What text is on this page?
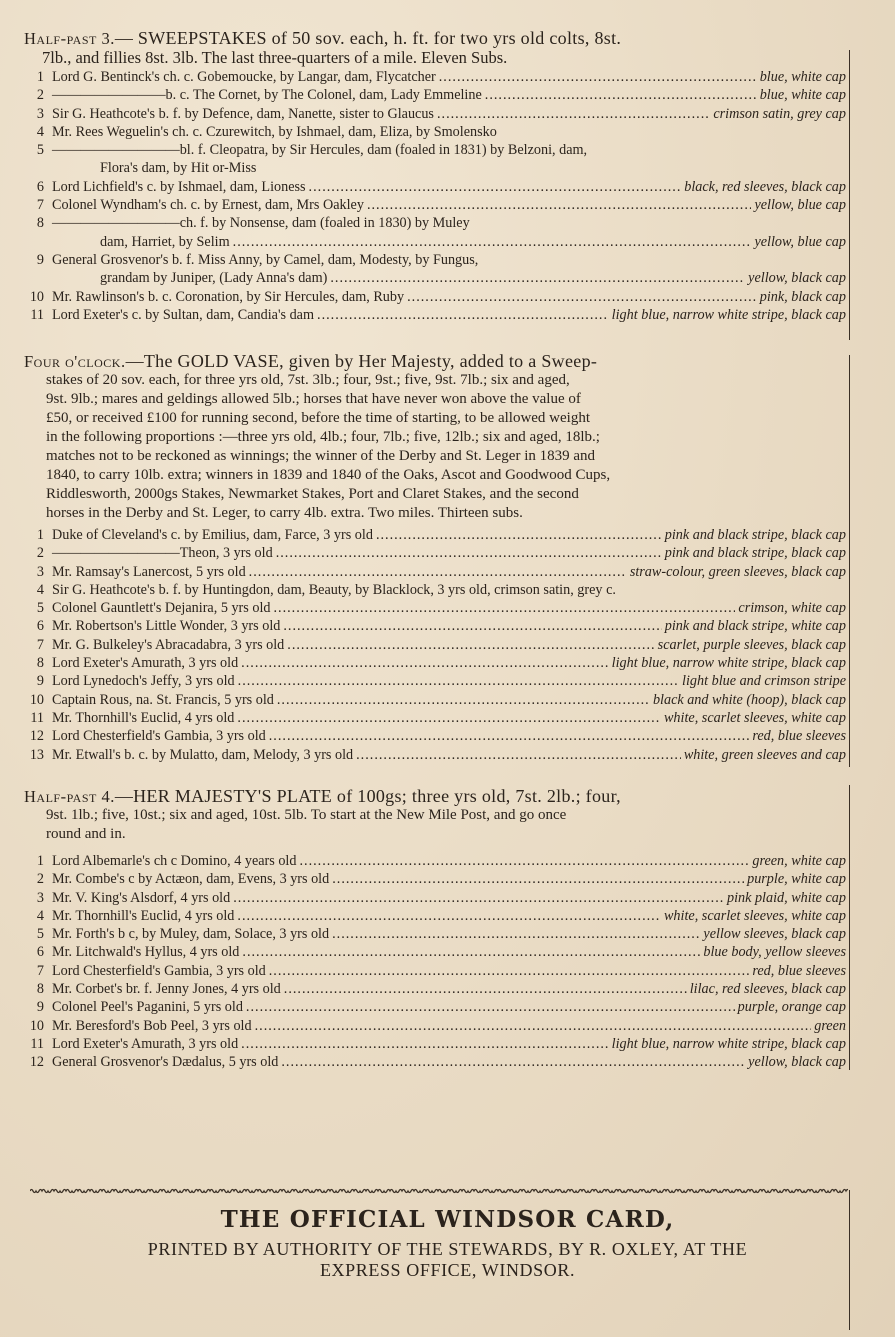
Half-past 3.— SWEEPSTAKES of 50 sov. each, h. ft. for two yrs old colts, 8st.
7lb., and fillies 8st. 3lb. The last three-quarters of a mile. Eleven Subs.
1 Lord G. Bentinck's ch. c. Gobemoucke, by Langar, dam, Flycatcher .....	blue, white cap
2 ————————b. c. The Cornet, by The Colonel, dam, Lady Emmeline .....	blue, white cap
3 Sir G. Heathcote's b. f. by Defence, dam, Nanette, sister to Glaucus .....	crimson satin, grey cap
4 Mr. Rees Weguelin's ch. c. Czurewitch, by Ishmael, dam, Eliza, by Smolensko
5 —————————bl. f. Cleopatra, by Sir Hercules, dam (foaled in 1831) by Belzoni, dam,
Flora's dam, by Hit or-Miss
6 Lord Lichfield's c. by Ishmael, dam, Lioness .....	black, red sleeves, black cap
7 Colonel Wyndham's ch. c. by Ernest, dam, Mrs Oakley .....	yellow, blue cap
8 —————————ch. f. by Nonsense, dam (foaled in 1830) by Muley
dam, Harriet, by Selim .....	yellow, blue cap
9 General Grosvenor's b. f. Miss Anny, by Camel, dam, Modesty, by Fungus,
grandam by Juniper, (Lady Anna's dam) .....	yellow, black cap
10 Mr. Rawlinson's b. c. Coronation, by Sir Hercules, dam, Ruby .....	pink, black cap
11 Lord Exeter's c. by Sultan, dam, Candia's dam .....	light blue, narrow white stripe, black cap
Four o'clock.—The GOLD VASE, given by Her Majesty, added to a Sweep-
stakes of 20 sov. each, for three yrs old, 7st. 3lb.; four, 9st.; five, 9st. 7lb.; six and aged,
9st. 9lb.; mares and geldings allowed 5lb.; horses that have never won above the value of
£50, or received £100 for running second, before the time of starting, to be allowed weight
in the following proportions :—three yrs old, 4lb.; four, 7lb.; five, 12lb.; six and aged, 18lb.;
matches not to be reckoned as winnings; the winner of the Derby and St. Leger in 1839 and
1840, to carry 10lb. extra; winners in 1839 and 1840 of the Oaks, Ascot and Goodwood Cups,
Riddlesworth, 2000gs Stakes, Newmarket Stakes, Port and Claret Stakes, and the second
horses in the Derby and St. Leger, to carry 4lb. extra. Two miles. Thirteen subs.
1 Duke of Cleveland's c. by Emilius, dam, Farce, 3 yrs old .....	pink and black stripe, black cap
2 —————————Theon, 3 yrs old .....	pink and black stripe, black cap
3 Mr. Ramsay's Lanercost, 5 yrs old .....	straw-colour, green sleeves, black cap
4 Sir G. Heathcote's b. f. by Huntingdon, dam, Beauty, by Blacklock, 3 yrs old, crimson satin, grey c.
5 Colonel Gauntlett's Dejanira, 5 yrs old .....	crimson, white cap
6 Mr. Robertson's Little Wonder, 3 yrs old .....	pink and black stripe, white cap
7 Mr. G. Bulkeley's Abracadabra, 3 yrs old .....	scarlet, purple sleeves, black cap
8 Lord Exeter's Amurath, 3 yrs old .....	light blue, narrow white stripe, black cap
9 Lord Lynedoch's Jeffy, 3 yrs old .....	light blue and crimson stripe
10 Captain Rous, na. St. Francis, 5 yrs old .....	black and white (hoop), black cap
11 Mr. Thornhill's Euclid, 4 yrs old .....	white, scarlet sleeves, white cap
12 Lord Chesterfield's Gambia, 3 yrs old .....	red, blue sleeves
13 Mr. Etwall's b. c. by Mulatto, dam, Melody, 3 yrs old .....	white, green sleeves and cap
Half-past 4.—HER MAJESTY'S PLATE of 100gs; three yrs old, 7st. 2lb.; four,
9st. 1lb.; five, 10st.; six and aged, 10st. 5lb. To start at the New Mile Post, and go once
round and in.
1 Lord Albemarle's ch c Domino, 4 years old .....	green, white cap
2 Mr. Combe's c by Actæon, dam, Evens, 3 yrs old .....	purple, white cap
3 Mr. V. King's Alsdorf, 4 yrs old .....	pink plaid, white cap
4 Mr. Thornhill's Euclid, 4 yrs old .....	white, scarlet sleeves, white cap
5 Mr. Forth's b c, by Muley, dam, Solace, 3 yrs old .....	yellow sleeves, black cap
6 Mr. Litchwald's Hyllus, 4 yrs old .....	blue body, yellow sleeves
7 Lord Chesterfield's Gambia, 3 yrs old .....	red, blue sleeves
8 Mr. Corbet's br. f. Jenny Jones, 4 yrs old .....	lilac, red sleeves, black cap
9 Colonel Peel's Paganini, 5 yrs old .....	purple, orange cap
10 Mr. Beresford's Bob Peel, 3 yrs old .....	green
11 Lord Exeter's Amurath, 3 yrs old .....	light blue, narrow white stripe, black cap
12 General Grosvenor's Dædalus, 5 yrs old .....	yellow, black cap
THE OFFICIAL WINDSOR CARD,
PRINTED BY AUTHORITY OF THE STEWARDS, BY R. OXLEY, AT THE
EXPRESS OFFICE, WINDSOR.
